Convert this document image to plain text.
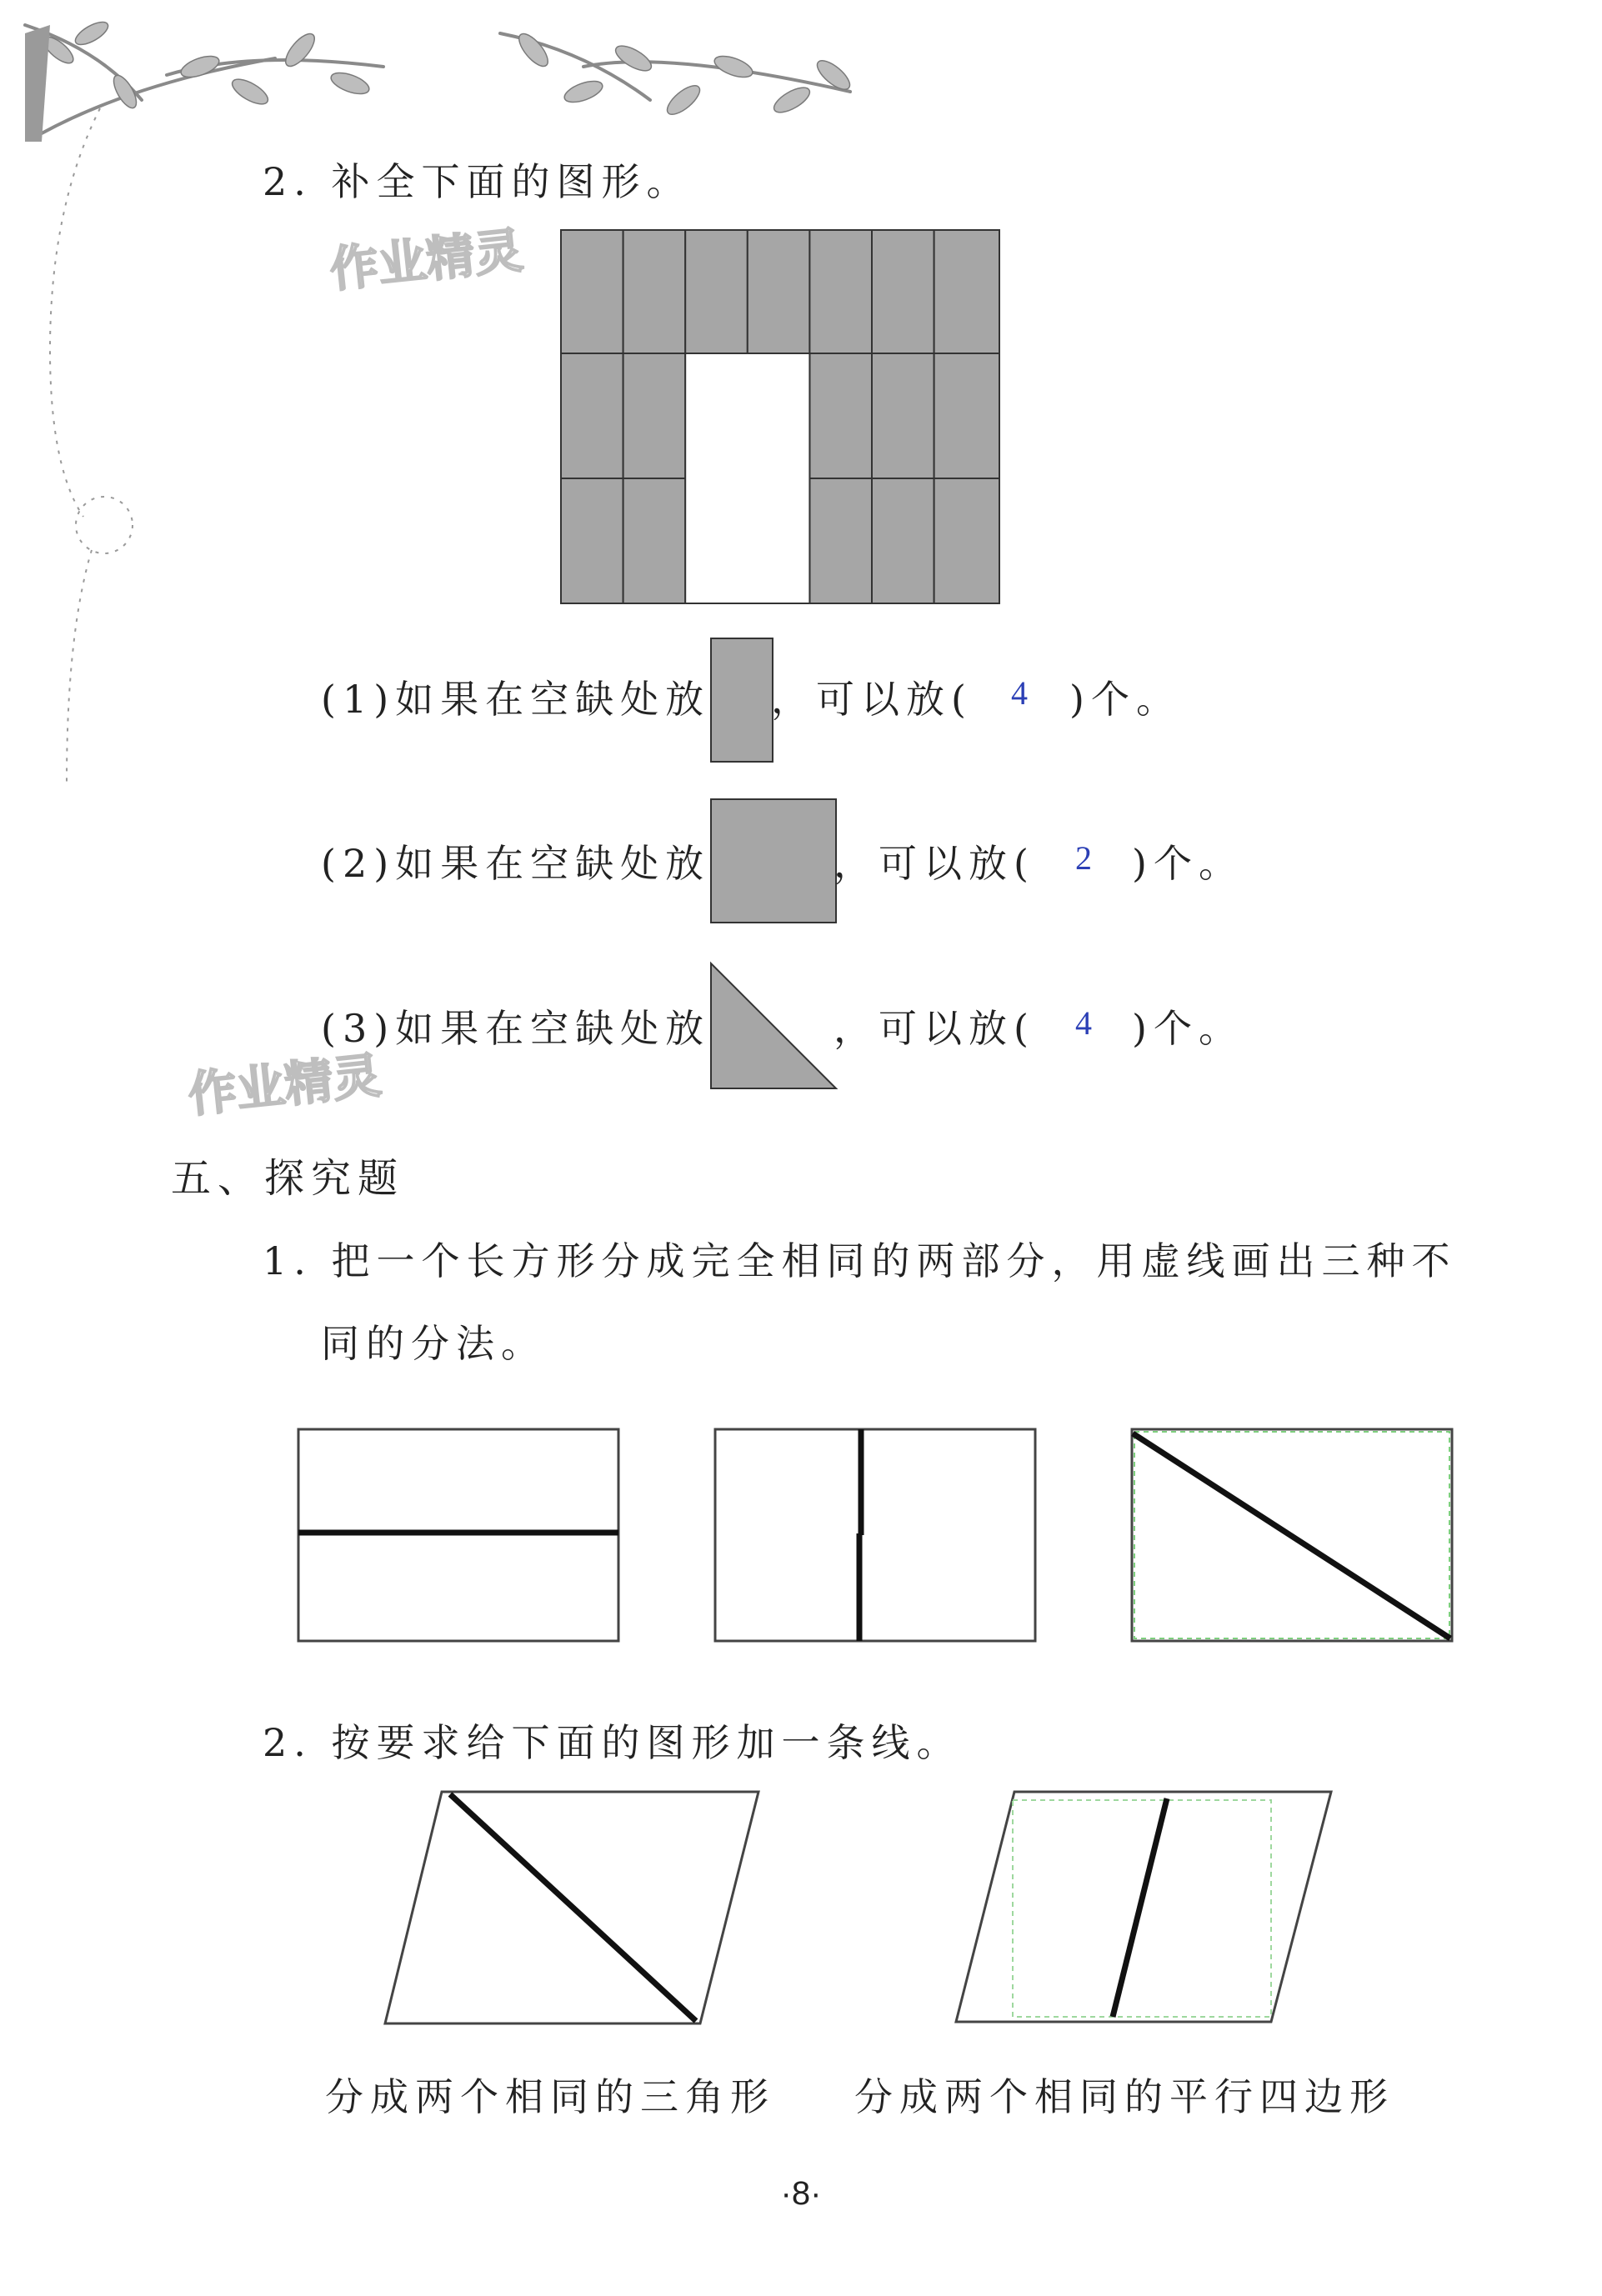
作业精灵
作业精灵
2. 补全下面的图形。
(1)如果在空缺处放 ，可以放( 4 )个。
(2)如果在空缺处放	，可以放( 2 )个。
(3)如果在空缺处放	，可以放( 4 )个。
五、探究题
1. 把一个长方形分成完全相同的两部分，用虚线画出三种不
同的分法。
2. 按要求给下面的图形加一条线。
分成两个相同的三角形 分成两个相同的平行四边形
·8·
